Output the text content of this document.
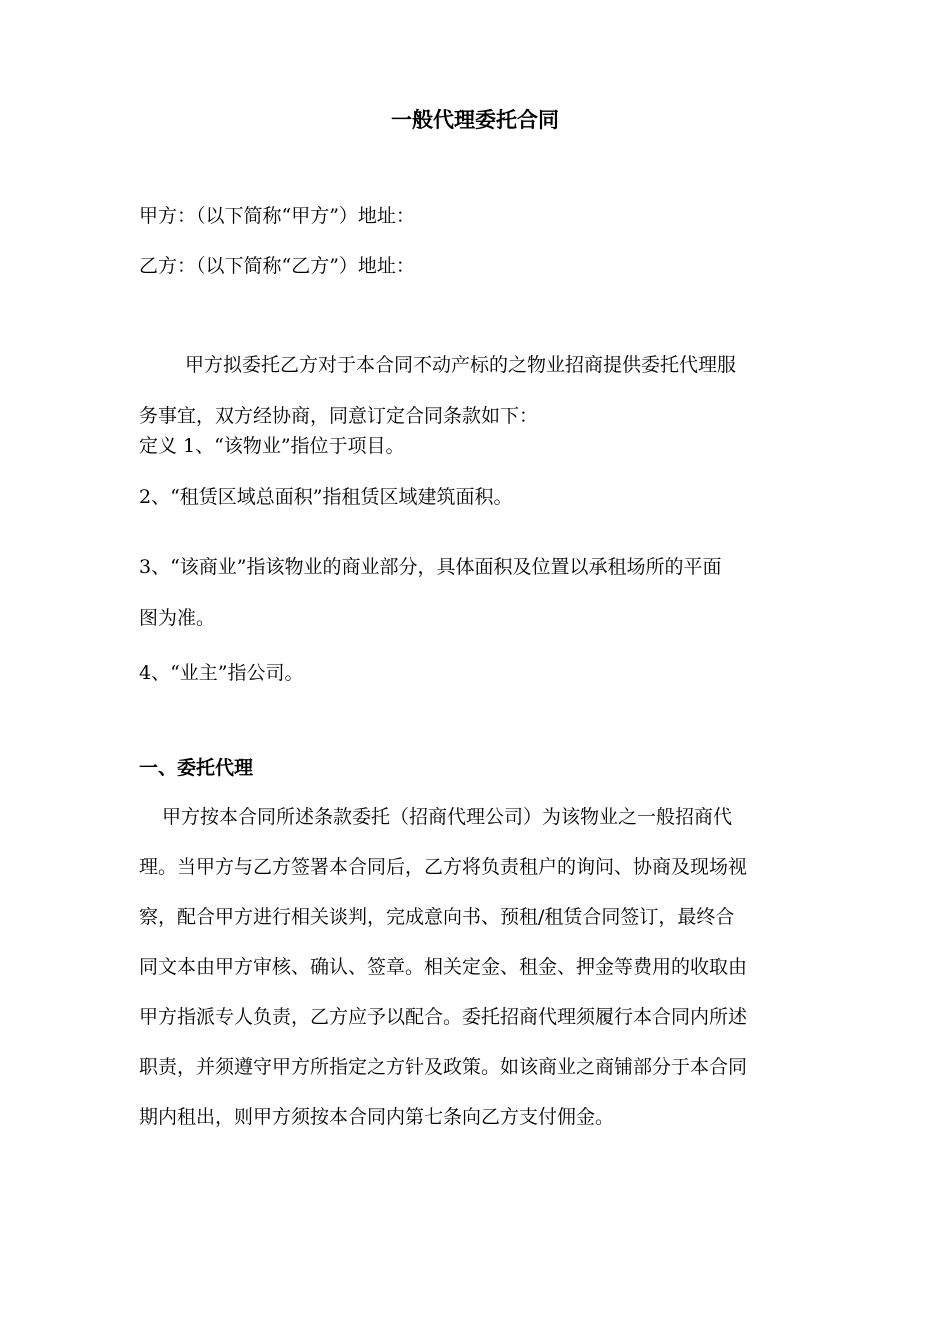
一般代理委托合同
甲方：（以下简称“甲方”）地址：
乙方：（以下简称“乙方”）地址：
甲方拟委托乙方对于本合同不动产标的之物业招商提供委托代理服
务事宜，双方经协商，同意订定合同条款如下：
定义 1、“该物业”指位于项目。
2、“租赁区域总面积”指租赁区域建筑面积。
3、“该商业”指该物业的商业部分，具体面积及位置以承租场所的平面
图为准。
4、“业主”指公司。
一、委托代理
甲方按本合同所述条款委托（招商代理公司）为该物业之一般招商代
理。当甲方与乙方签署本合同后，乙方将负责租户的询问、协商及现场视
察，配合甲方进行相关谈判，完成意向书、预租/租赁合同签订，最终合
同文本由甲方审核、确认、签章。相关定金、租金、押金等费用的收取由
甲方指派专人负责，乙方应予以配合。委托招商代理须履行本合同内所述
职责，并须遵守甲方所指定之方针及政策。如该商业之商铺部分于本合同
期内租出，则甲方须按本合同内第七条向乙方支付佣金。
